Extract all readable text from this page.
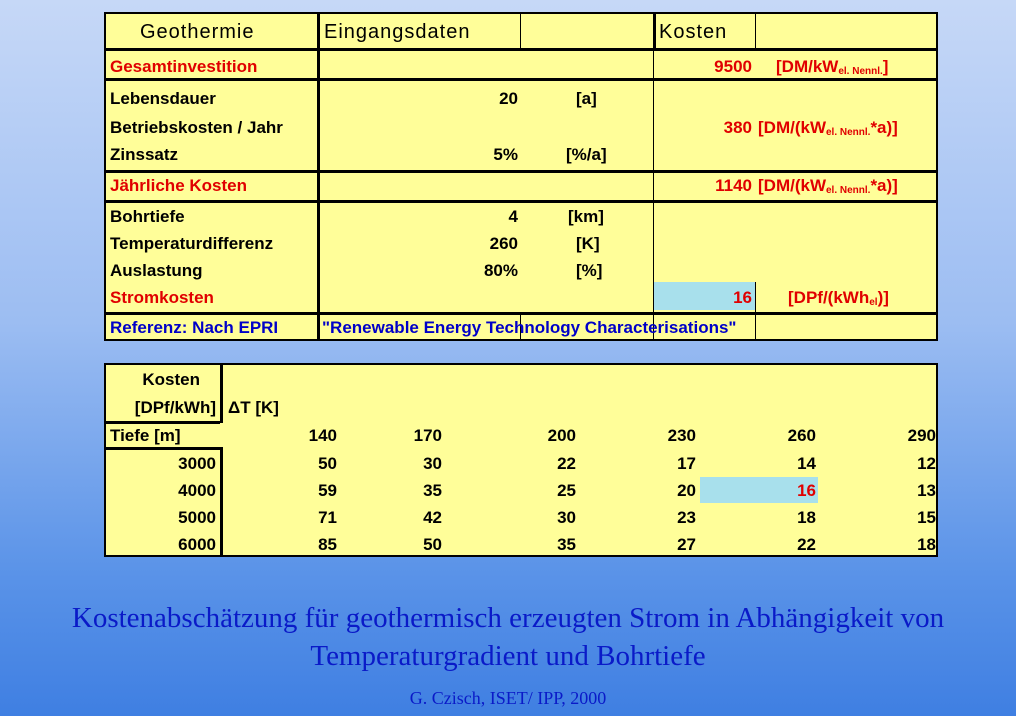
Geothermie	Eingangsdaten	Kosten
Gesamtinvestition	9500 $[DM/kW_{el. Nennl.}]$
Lebensdauer	20	[a]
Betriebskosten / Jahr	380 $[DM/(kW_{el. Nennl.}*a)]$
Zinssatz	5%	[%/a]
Jährliche Kosten	1140 $[DM/(kW_{el. Nennl.}*a)]$
Bohrtiefe	4	[km]
Temperaturdifferenz	260	[K]
Auslastung	80%	[%]
Stromkosten	16 [DPf/(kWh$_{el}$)]
Referenz: Nach EPRI	"Renewable Energy Technology Characterisations"
Kosten
[DPf/kWh] ΔT [K]
Tiefe [m]	140	170	200	230	260	290
3000	50	30	22	17	14	12
4000	59	35	25	20	16	13
5000	71	42	30	23	18	15
6000	85	50	35	27	22	18
Kostenabschätzung für geothermisch erzeugten Strom in Abhängigkeit von
Temperaturgradient und Bohrtiefe
G. Czisch, ISET/ IPP, 2000
